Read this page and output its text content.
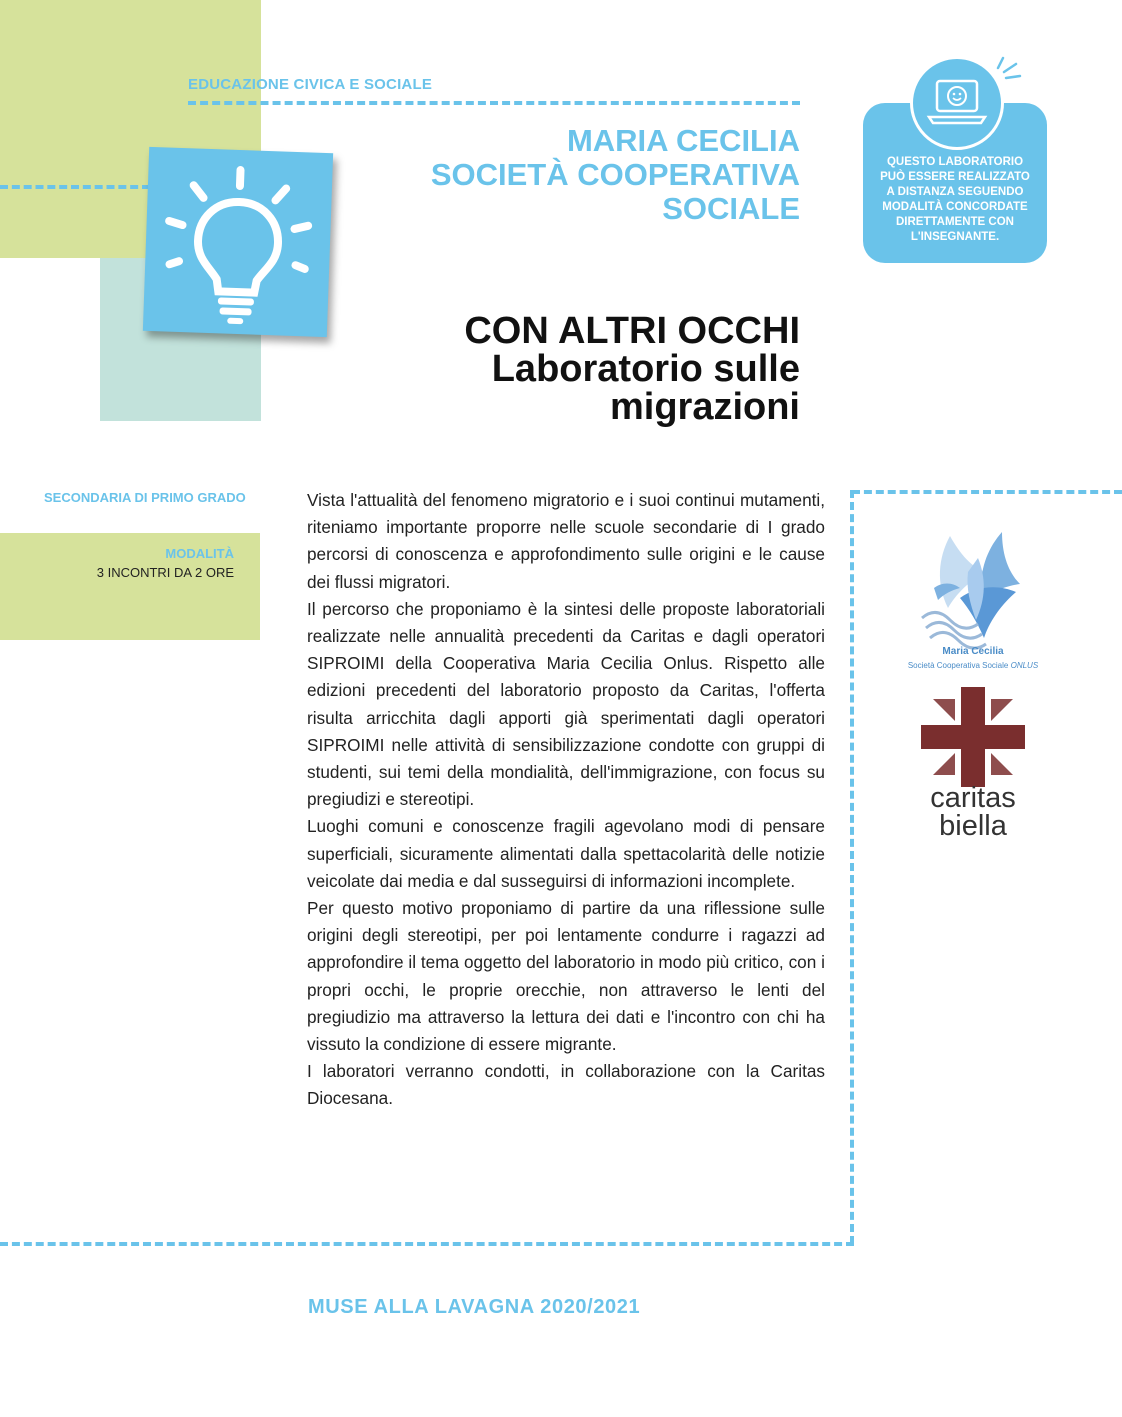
EDUCAZIONE CIVICA E SOCIALE
MARIA CECILIA
SOCIETÀ COOPERATIVA
SOCIALE
CON ALTRI OCCHI
Laboratorio sulle
migrazioni
QUESTO LABORATORIO
PUÒ ESSERE REALIZZATO
A DISTANZA SEGUENDO
MODALITÀ CONCORDATE
DIRETTAMENTE CON
L'INSEGNANTE.
SECONDARIA DI PRIMO GRADO
MODALITÀ
3 INCONTRI DA 2 ORE

Vista l'attualità del fenomeno migratorio e i suoi continui mutamenti, riteniamo importante proporre nelle scuole secondarie di I grado percorsi di conoscenza e approfondimento sulle origini e le cause dei flussi migratori.

Il percorso che proponiamo è la sintesi delle proposte laboratoriali realizzate nelle annualità precedenti da Caritas e dagli operatori SIPROIMI della Cooperativa Maria Cecilia Onlus. Rispetto alle edizioni precedenti del laboratorio proposto da Caritas, l'offerta risulta arricchita dagli apporti già sperimentati dagli operatori SIPROIMI nelle attività di sensibilizzazione condotte con gruppi di studenti, sui temi della mondialità, dell'immigrazione, con focus su pregiudizi e stereotipi.

Luoghi comuni e conoscenze fragili agevolano modi di pensare superficiali, sicuramente alimentati dalla spettacolarità delle notizie veicolate dai media e dal susseguirsi di informazioni incomplete.

Per questo motivo proponiamo di partire da una riflessione sulle origini degli stereotipi, per poi lentamente condurre i ragazzi ad approfondire il tema oggetto del laboratorio in modo più critico, con i propri occhi, le proprie orecchie, non attraverso le lenti del pregiudizio ma attraverso la lettura dei dati e l'incontro con chi ha vissuto la condizione di essere migrante.

I laboratori verranno condotti, in collaborazione con la Caritas Diocesana.

Maria Cecilia
Società Cooperativa Sociale ONLUS
caritas
biella
MUSE ALLA LAVAGNA 2020/2021
